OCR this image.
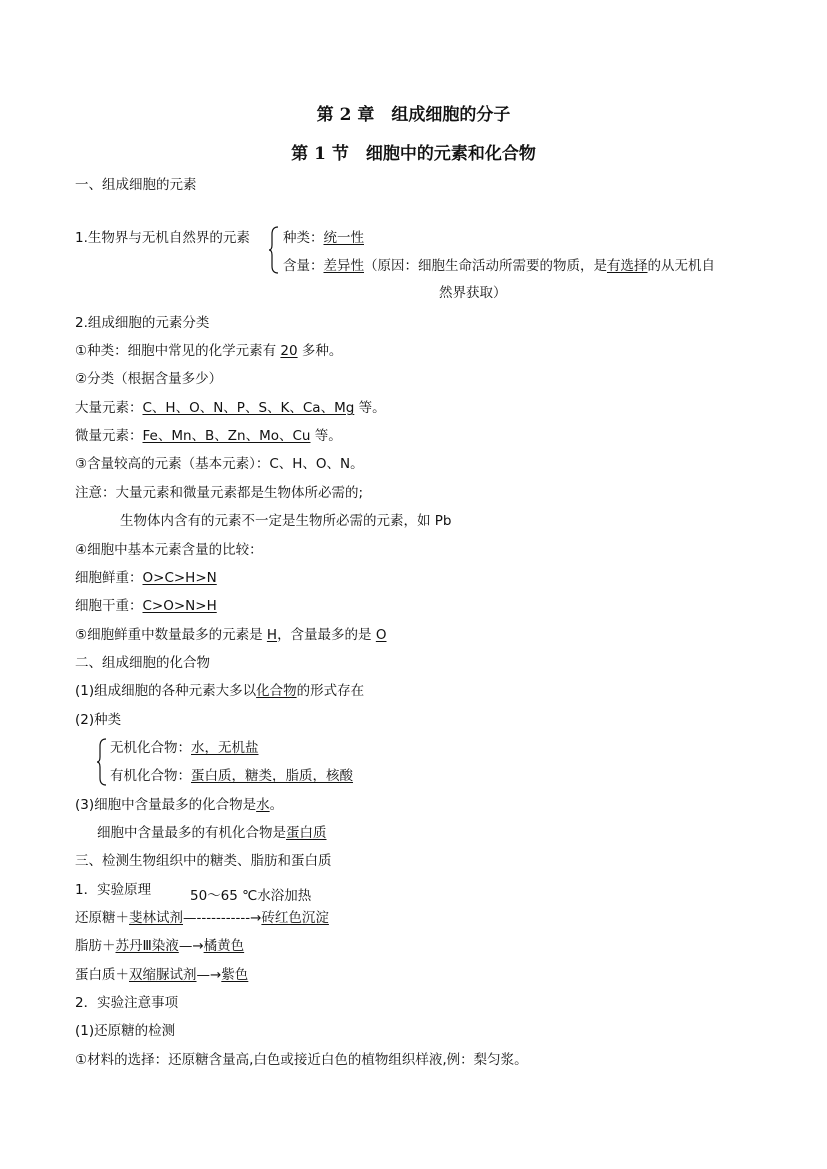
第 2 章　组成细胞的分子
第 1 节　细胞中的元素和化合物
一、组成细胞的元素
1.生物界与无机自然界的元素 种类：统一性
含量：差异性（原因：细胞生命活动所需要的物质，是有选择的从无机自
然界获取）
2.组成细胞的元素分类
①种类：细胞中常见的化学元素有 20 多种。
②分类（根据含量多少）
大量元素：C、H、O、N、P、S、K、Ca、Mg 等。
微量元素：Fe、Mn、B、Zn、Mo、Cu 等。
③含量较高的元素（基本元素）：C、H、O、N。
注意：大量元素和微量元素都是生物体所必需的;
生物体内含有的元素不一定是生物所必需的元素，如 Pb
④细胞中基本元素含量的比较：
细胞鲜重：O>C>H>N
细胞干重：C>O>N>H
⑤细胞鲜重中数量最多的元素是 H，含量最多的是 O
二、组成细胞的化合物
(1)组成细胞的各种元素大多以化合物的形式存在
(2)种类
无机化合物：水，无机盐
有机化合物：蛋白质，糖类，脂质，核酸
(3)细胞中含量最多的化合物是水。
细胞中含量最多的有机化合物是蛋白质
三、检测生物组织中的糖类、脂肪和蛋白质
1．实验原理	50～65 ℃水浴加热
还原糖＋斐林试剂—-----------→砖红色沉淀
脂肪＋苏丹Ⅲ染液—→橘黄色
蛋白质＋双缩脲试剂—→紫色
2．实验注意事项
(1)还原糖的检测
①材料的选择：还原糖含量高,白色或接近白色的植物组织样液,例：梨匀浆。
